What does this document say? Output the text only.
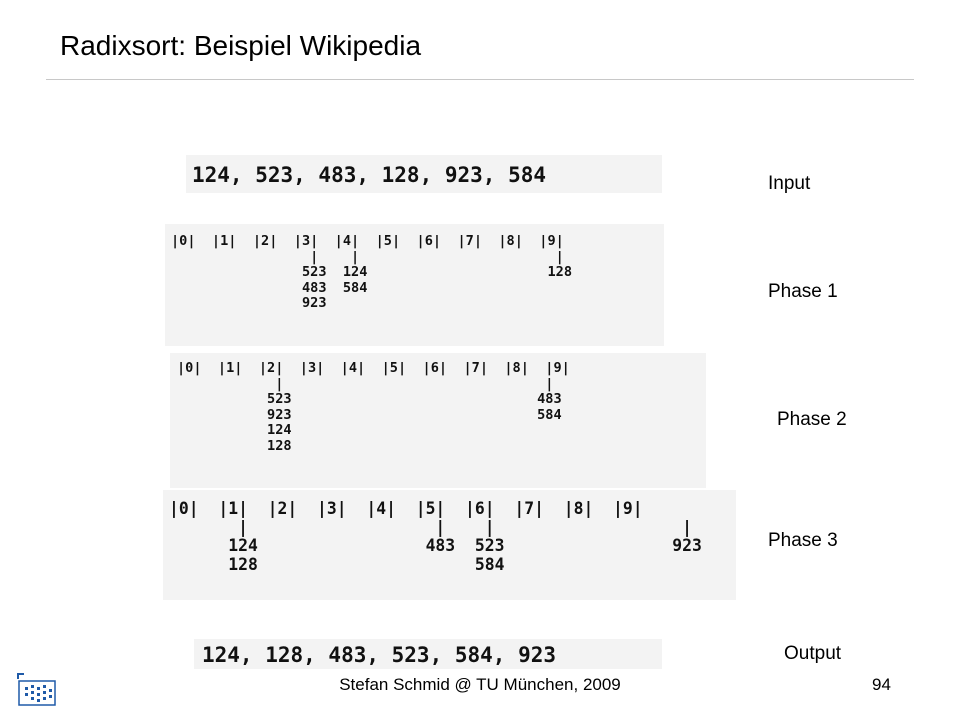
Radixsort: Beispiel Wikipedia
124, 523, 483, 128, 923, 584	Input
|0|  |1|  |2|  |3|  |4|  |5|  |6|  |7|  |8|  |9|
|    |                        |
523  124                      128
483  584
923
Phase 1
|0|  |1|  |2|  |3|  |4|  |5|  |6|  |7|  |8|  |9|
|                                |
523                              483
923                              584
124
128
Phase 2
|0|  |1|  |2|  |3|  |4|  |5|  |6|  |7|  |8|  |9|
|                   |    |                   |
124                 483  523                 923
128                      584
Phase 3
124, 128, 483, 523, 584, 923	Output
Stefan Schmid @ TU München, 2009	94
